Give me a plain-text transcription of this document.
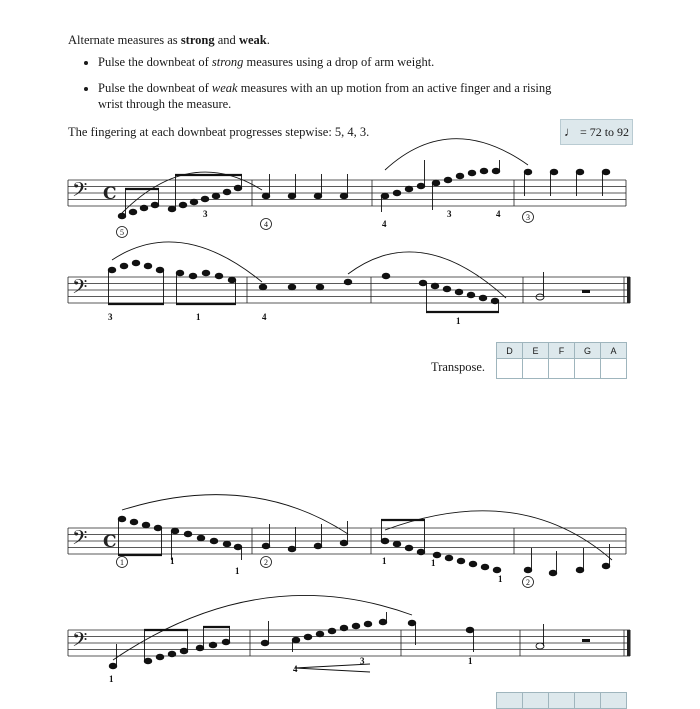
Alternate measures as strong and weak.
• Pulse the downbeat of strong measures using a drop of arm weight.
• Pulse the downbeat of weak measures with an up motion from an active finger and a rising wrist through the measure.
The fingering at each downbeat progresses stepwise: 5, 4, 3.	♩ = 72 to 92
𝄢
𝄢
𝄢
𝄢
C
C
3
4
3	4
3	1	4	1
1
1
1	1
1
1
4
3	1
5
4
3
1	2
2
Transpose.
D	E	F	G	A
